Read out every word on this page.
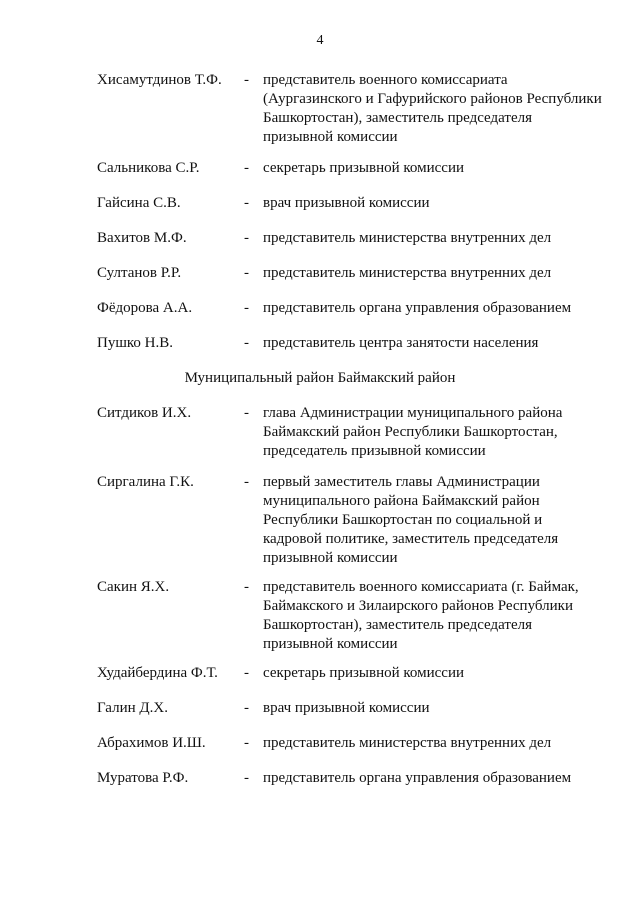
4
Хисамутдинов Т.Ф. - представитель военного комиссариата
(Аургазинского и Гафурийского районов Республики
Башкортостан), заместитель председателя
призывной комиссии
Сальникова С.Р.	- секретарь призывной комиссии
Гайсина С.В.	- врач призывной комиссии
Вахитов М.Ф.	- представитель министерства внутренних дел
Султанов Р.Р.	- представитель министерства внутренних дел
Фёдорова А.А.	- представитель органа управления образованием
Пушко Н.В.	- представитель центра занятости населения
Муниципальный район Баймакский район
Ситдиков И.Х.	- глава Администрации муниципального района
Баймакский район Республики Башкортостан,
председатель призывной комиссии
Сиргалина Г.К.	- первый заместитель главы Администрации
муниципального района Баймакский район
Республики Башкортостан по социальной и
кадровой политике, заместитель председателя
призывной комиссии
Сакин Я.Х.	- представитель военного комиссариата (г. Баймак,
Баймакского и Зилаирского районов Республики
Башкортостан), заместитель председателя
призывной комиссии
Худайбердина Ф.Т. - секретарь призывной комиссии
Галин Д.Х.	- врач призывной комиссии
Абрахимов И.Ш.	- представитель министерства внутренних дел
Муратова Р.Ф.	- представитель органа управления образованием
